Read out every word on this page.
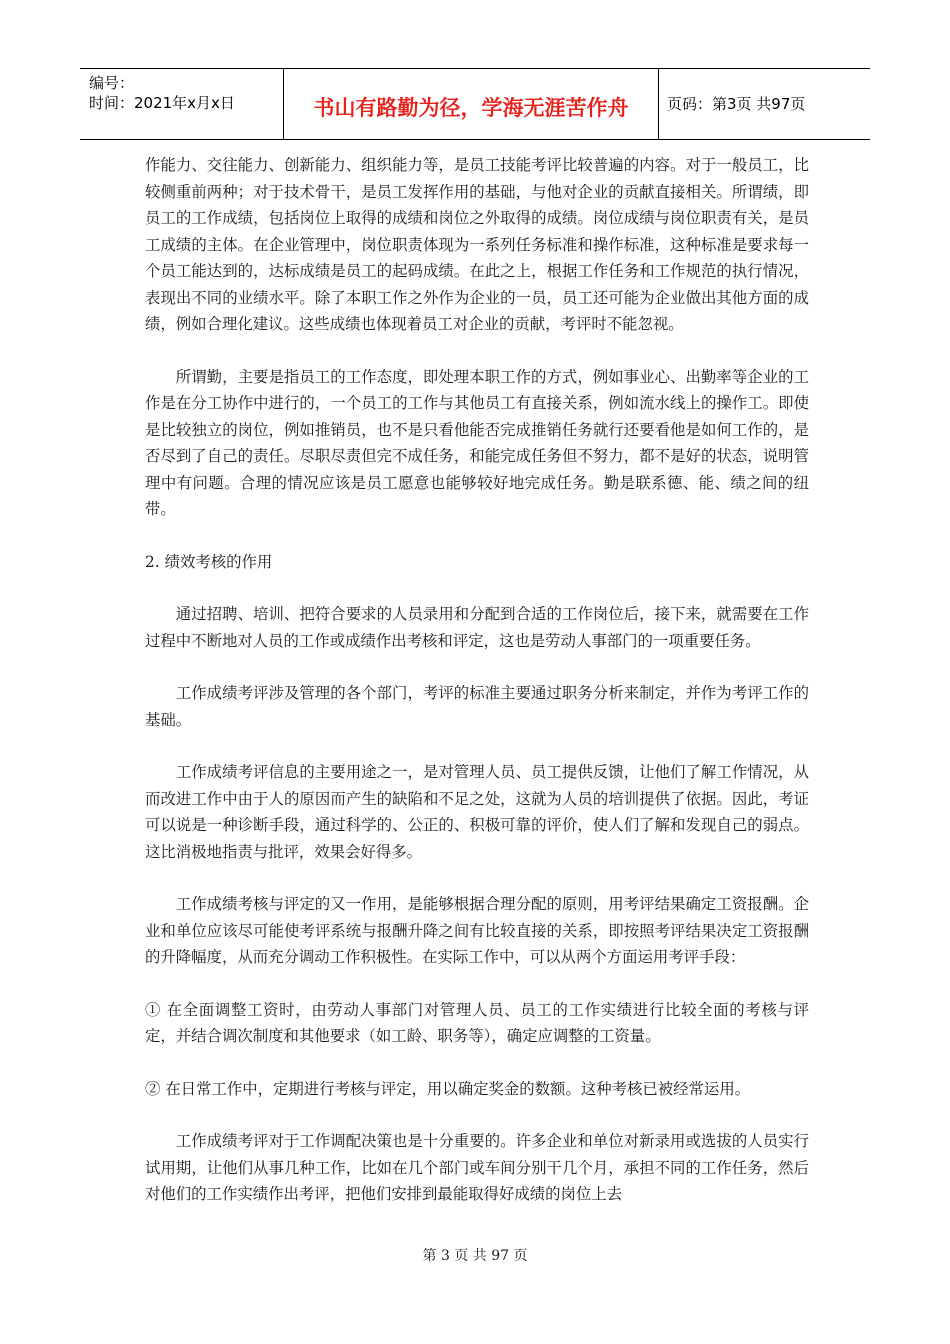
编号：
时间：2021年x月x日	书山有路勤为径，学海无涯苦作舟	页码：第3页 共97页

作能力、交往能力、创新能力、组织能力等，是员工技能考评比较普遍的内容。对于一般员工，比较侧重前两种；对于技术骨干，是员工发挥作用的基础，与他对企业的贡献直接相关。所谓绩，即员工的工作成绩，包括岗位上取得的成绩和岗位之外取得的成绩。岗位成绩与岗位职责有关，是员工成绩的主体。在企业管理中，岗位职责体现为一系列任务标准和操作标准，这种标准是要求每一个员工能达到的，达标成绩是员工的起码成绩。在此之上，根据工作任务和工作规范的执行情况，表现出不同的业绩水平。除了本职工作之外作为企业的一员，员工还可能为企业做出其他方面的成绩，例如合理化建议。这些成绩也体现着员工对企业的贡献，考评时不能忽视。

所谓勤，主要是指员工的工作态度，即处理本职工作的方式，例如事业心、出勤率等企业的工作是在分工协作中进行的，一个员工的工作与其他员工有直接关系，例如流水线上的操作工。即使是比较独立的岗位，例如推销员，也不是只看他能否完成推销任务就行还要看他是如何工作的，是否尽到了自己的责任。尽职尽责但完不成任务，和能完成任务但不努力，都不是好的状态，说明管理中有问题。合理的情况应该是员工愿意也能够较好地完成任务。勤是联系德、能、绩之间的纽带。

2. 绩效考核的作用

通过招聘、培训、把符合要求的人员录用和分配到合适的工作岗位后，接下来，就需要在工作过程中不断地对人员的工作或成绩作出考核和评定，这也是劳动人事部门的一项重要任务。

工作成绩考评涉及管理的各个部门，考评的标准主要通过职务分析来制定，并作为考评工作的基础。

工作成绩考评信息的主要用途之一，是对管理人员、员工提供反馈，让他们了解工作情况，从而改进工作中由于人的原因而产生的缺陷和不足之处，这就为人员的培训提供了依据。因此，考证可以说是一种诊断手段，通过科学的、公正的、积极可靠的评价，使人们了解和发现自己的弱点。这比消极地指责与批评，效果会好得多。

工作成绩考核与评定的又一作用，是能够根据合理分配的原则，用考评结果确定工资报酬。企业和单位应该尽可能使考评系统与报酬升降之间有比较直接的关系，即按照考评结果决定工资报酬的升降幅度，从而充分调动工作积极性。在实际工作中，可以从两个方面运用考评手段：

① 在全面调整工资时，由劳动人事部门对管理人员、员工的工作实绩进行比较全面的考核与评定，并结合调次制度和其他要求（如工龄、职务等），确定应调整的工资量。

② 在日常工作中，定期进行考核与评定，用以确定奖金的数额。这种考核已被经常运用。

工作成绩考评对于工作调配决策也是十分重要的。许多企业和单位对新录用或选拔的人员实行试用期，让他们从事几种工作，比如在几个部门或车间分别干几个月，承担不同的工作任务，然后对他们的工作实绩作出考评，把他们安排到最能取得好成绩的岗位上去

第 3 页 共 97 页
